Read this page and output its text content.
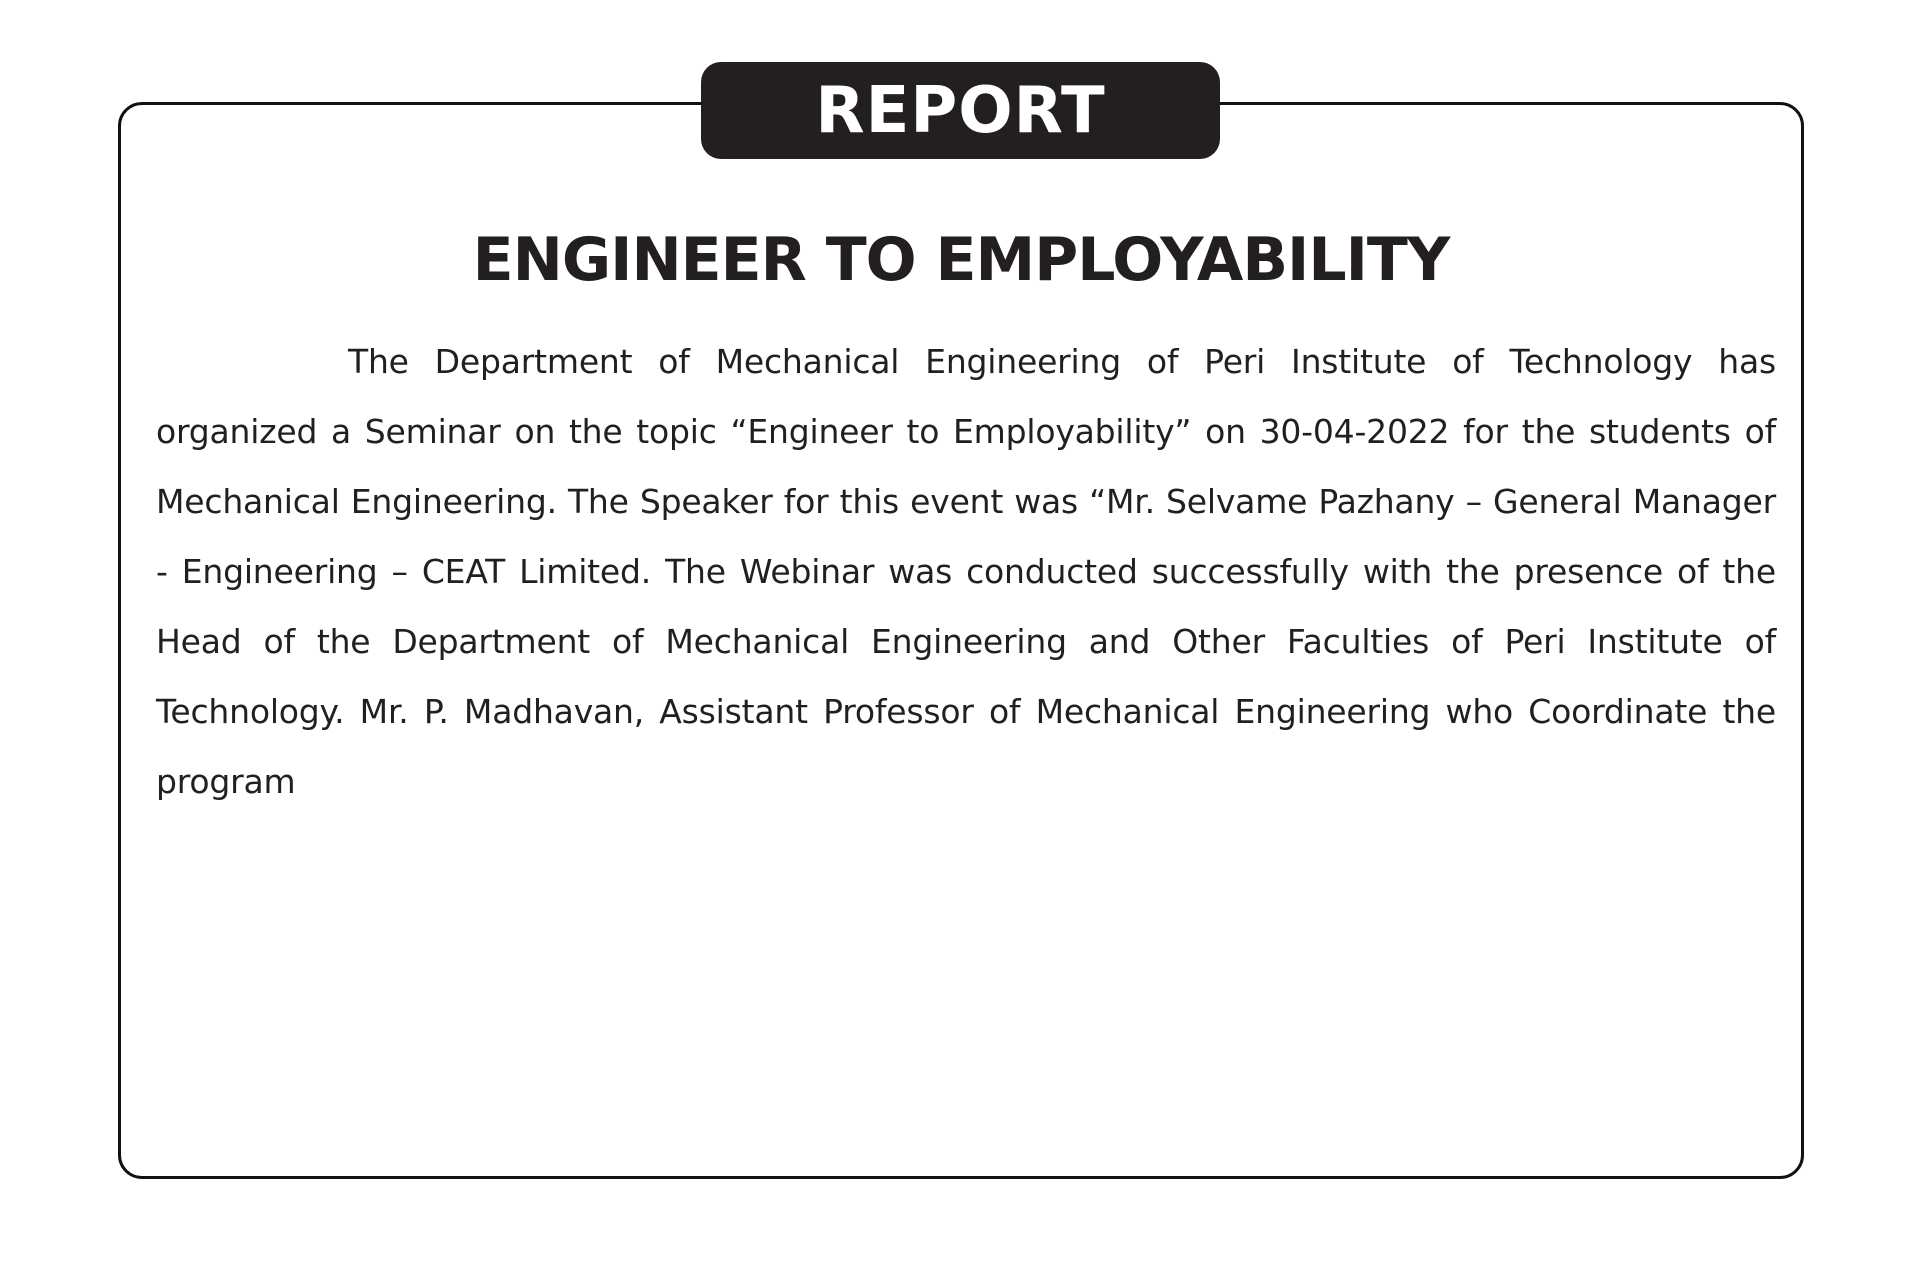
REPORT
ENGINEER TO EMPLOYABILITY

The Department of Mechanical Engineering of Peri Institute of Technology has organized a Seminar on the topic “Engineer to Employability” on 30-04-2022 for the students of Mechanical Engineering. The Speaker for this event was “Mr. Selvame Pazhany – General Manager - Engineering – CEAT Limited. The Webinar was conducted successfully with the presence of the Head of the Department of Mechanical Engineering and Other Faculties of Peri Institute of Technology. Mr. P. Madhavan, Assistant Professor of Mechanical Engineering who Coordinate the program
